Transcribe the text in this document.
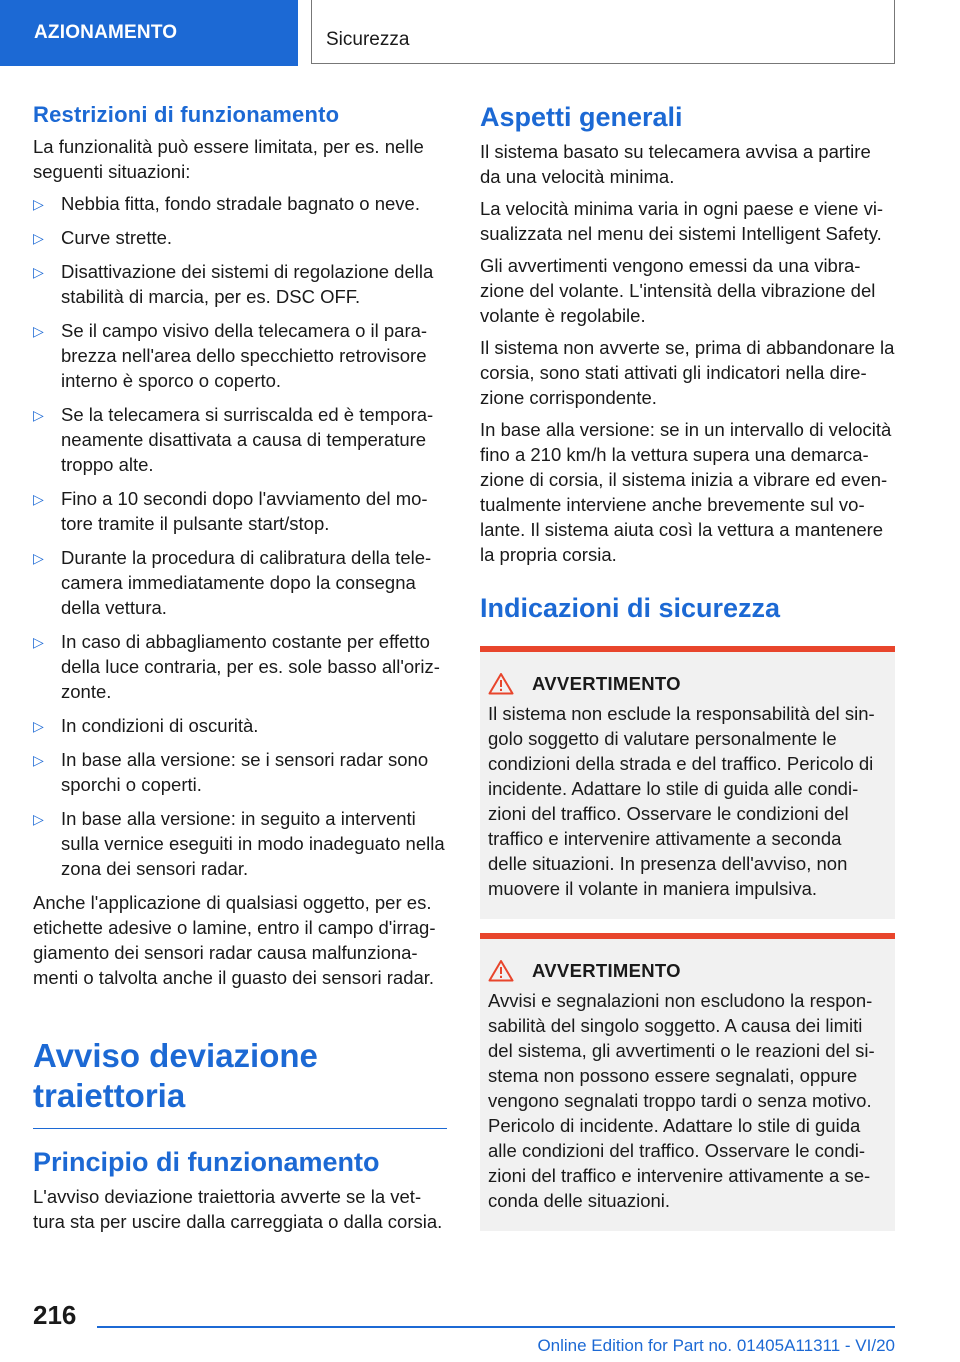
AZIONAMENTO	Sicurezza
Restrizioni di funzionamento

La funzionalità può essere limitata, per es. nelle seguenti situazioni:

▷ Nebbia fitta, fondo stradale bagnato o neve.
▷ Curve strette.
▷ Disattivazione dei sistemi di regolazione della stabilità di marcia, per es. DSC OFF.
▷ Se il campo visivo della telecamera o il para-brezza nell'area dello specchietto retrovisore interno è sporco o coperto.
▷ Se la telecamera si surriscalda ed è tempora-neamente disattivata a causa di temperature troppo alte.
▷ Fino a 10 secondi dopo l'avviamento del mo-tore tramite il pulsante start/stop.
▷ Durante la procedura di calibratura della tele-camera immediatamente dopo la consegna della vettura.
▷ In caso di abbagliamento costante per effetto della luce contraria, per es. sole basso all'oriz-zonte.
▷ In condizioni di oscurità.
▷ In base alla versione: se i sensori radar sono sporchi o coperti.
▷ In base alla versione: in seguito a interventi sulla vernice eseguiti in modo inadeguato nella zona dei sensori radar.

Anche l'applicazione di qualsiasi oggetto, per es. etichette adesive o lamine, entro il campo d'irrag-giamento dei sensori radar causa malfunziona-menti o talvolta anche il guasto dei sensori radar.

Avviso deviazione traiettoria
Principio di funzionamento

L'avviso deviazione traiettoria avverte se la vet-tura sta per uscire dalla carreggiata o dalla corsia.

Aspetti generali

Il sistema basato su telecamera avvisa a partire da una velocità minima.

La velocità minima varia in ogni paese e viene vi-sualizzata nel menu dei sistemi Intelligent Safety.

Gli avvertimenti vengono emessi da una vibra-zione del volante. L'intensità della vibrazione del volante è regolabile.

Il sistema non avverte se, prima di abbandonare la corsia, sono stati attivati gli indicatori nella dire-zione corrispondente.

In base alla versione: se in un intervallo di velocità fino a 210 km/h la vettura supera una demarca-zione di corsia, il sistema inizia a vibrare ed even-tualmente interviene anche brevemente sul vo-lante. Il sistema aiuta così la vettura a mantenere la propria corsia.

Indicazioni di sicurezza
AVVERTIMENTO

Il sistema non esclude la responsabilità del sin-golo soggetto di valutare personalmente le condizioni della strada e del traffico. Pericolo di incidente. Adattare lo stile di guida alle condi-zioni del traffico. Osservare le condizioni del traffico e intervenire attivamente a seconda delle situazioni. In presenza dell'avviso, non muovere il volante in maniera impulsiva.

AVVERTIMENTO

Avvisi e segnalazioni non escludono la respon-sabilità del singolo soggetto. A causa dei limiti del sistema, gli avvertimenti o le reazioni del si-stema non possono essere segnalati, oppure vengono segnalati troppo tardi o senza motivo. Pericolo di incidente. Adattare lo stile di guida alle condizioni del traffico. Osservare le condi-zioni del traffico e intervenire attivamente a se-conda delle situazioni.

216
Online Edition for Part no. 01405A11311 - VI/20
